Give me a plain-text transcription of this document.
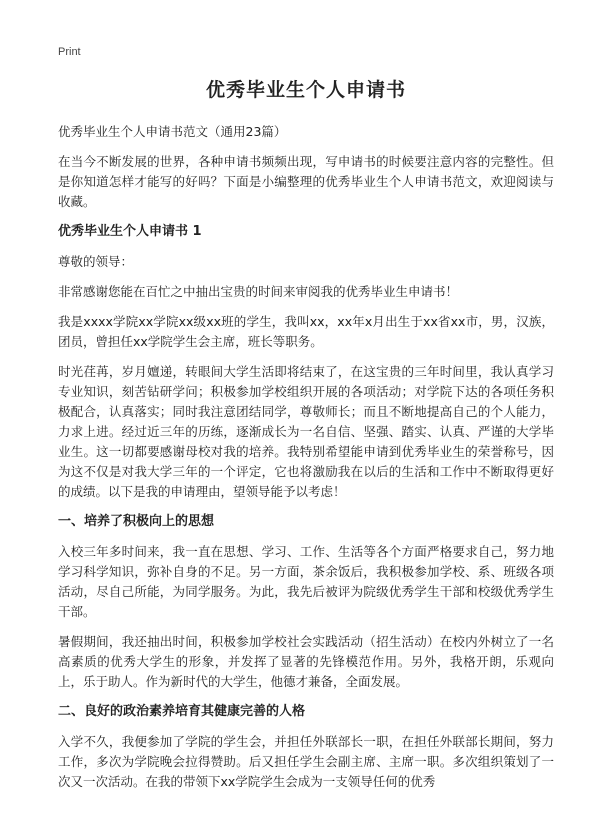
Print
优秀毕业生个人申请书
优秀毕业生个人申请书范文（通用23篇）
在当今不断发展的世界，各种申请书频频出现，写申请书的时候要注意内容的完整性。但是你知道怎样才能写的好吗？下面是小编整理的优秀毕业生个人申请书范文，欢迎阅读与收藏。
优秀毕业生个人申请书 1
尊敬的领导：
非常感谢您能在百忙之中抽出宝贵的时间来审阅我的优秀毕业生申请书！
我是xxxx学院xx学院xx级xx班的学生，我叫xx，xx年x月出生于xx省xx市，男，汉族，团员，曾担任xx学院学生会主席，班长等职务。
时光荏苒，岁月嬗递，转眼间大学生活即将结束了，在这宝贵的三年时间里，我认真学习专业知识，刻苦钻研学问；积极参加学校组织开展的各项活动；对学院下达的各项任务积极配合，认真落实；同时我注意团结同学，尊敬师长；而且不断地提高自己的个人能力，力求上进。经过近三年的历练，逐渐成长为一名自信、坚强、踏实、认真、严谨的大学毕业生。这一切都要感谢母校对我的培养。我特别希望能申请到优秀毕业生的荣誉称号，因为这不仅是对我大学三年的一个评定，它也将激励我在以后的生活和工作中不断取得更好的成绩。以下是我的申请理由，望领导能予以考虑！
一、培养了积极向上的思想
入校三年多时间来，我一直在思想、学习、工作、生活等各个方面严格要求自己，努力地学习科学知识，弥补自身的不足。另一方面，茶余饭后，我积极参加学校、系、班级各项活动，尽自己所能，为同学服务。为此，我先后被评为院级优秀学生干部和校级优秀学生干部。
暑假期间，我还抽出时间，积极参加学校社会实践活动（招生活动）在校内外树立了一名高素质的优秀大学生的形象，并发挥了显著的先锋模范作用。另外，我格开朗，乐观向上，乐于助人。作为新时代的大学生，他德才兼备，全面发展。
二、良好的政治素养培育其健康完善的人格
入学不久，我便参加了学院的学生会，并担任外联部长一职，在担任外联部长期间，努力工作，多次为学院晚会拉得赞助。后又担任学生会副主席、主席一职。多次组织策划了一次又一次活动。在我的带领下xx学院学生会成为一支领导任何的优秀
